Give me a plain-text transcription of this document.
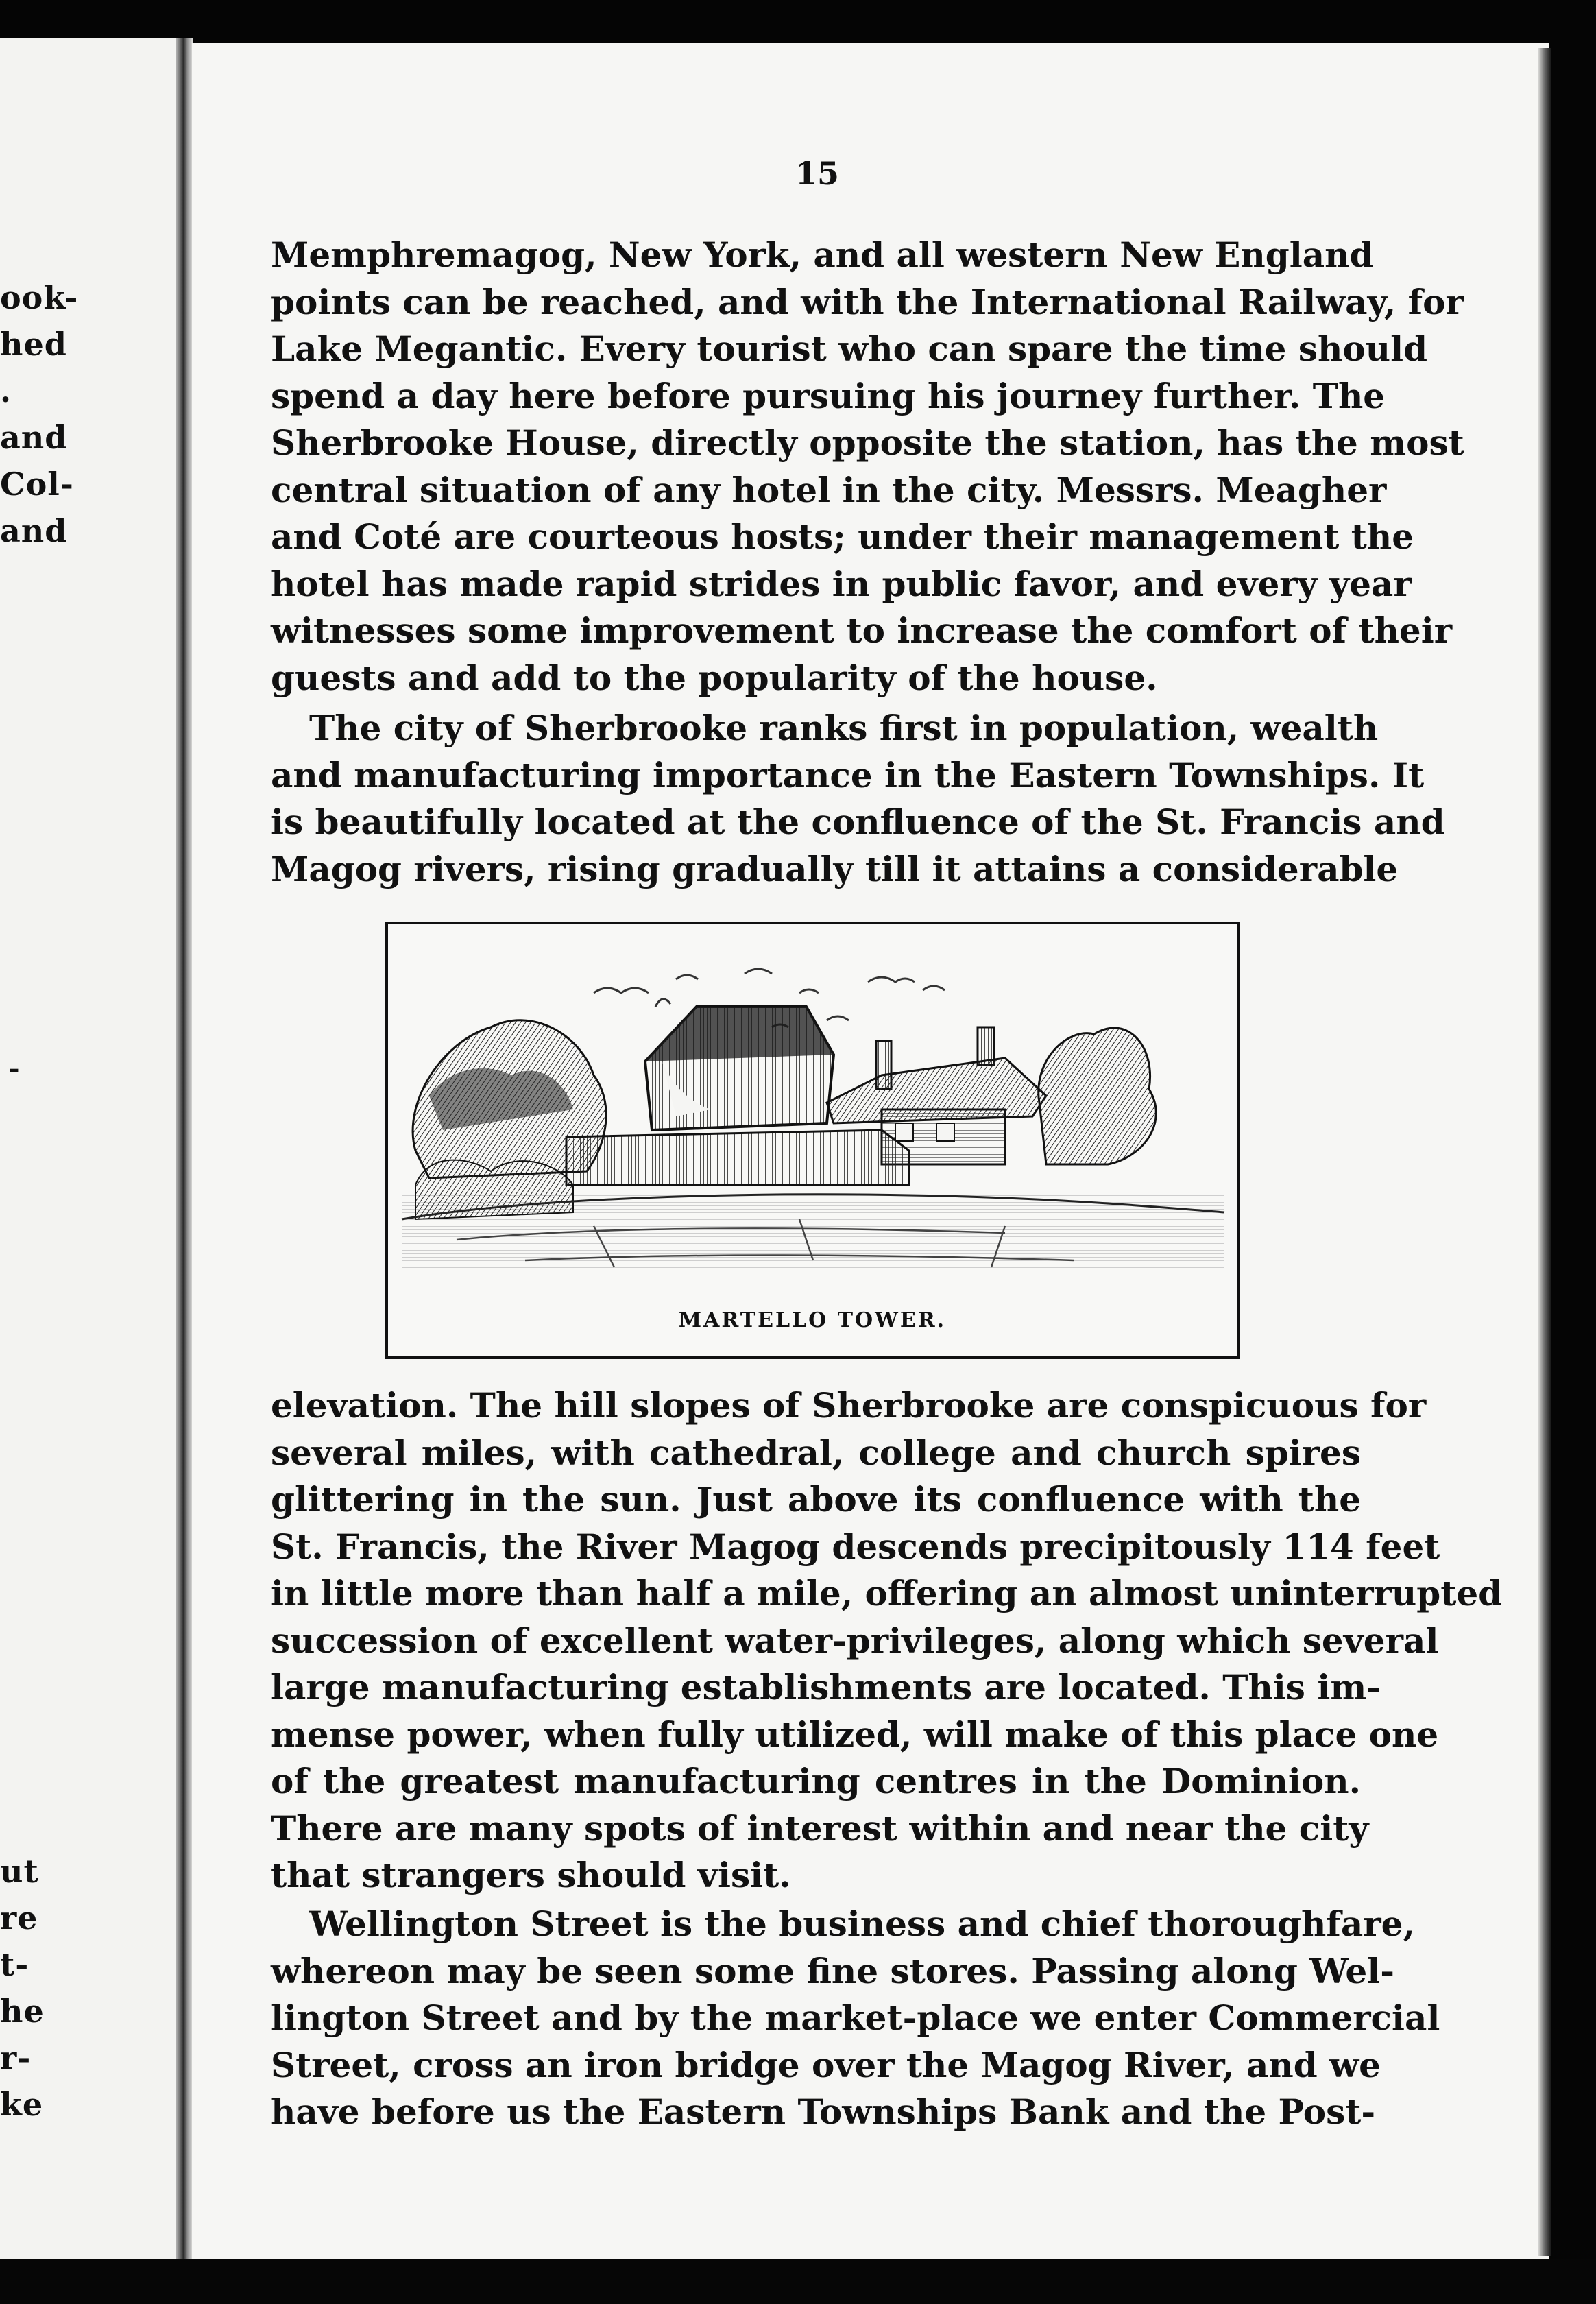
ook-
hed
.
and
Col-
and
-
ut
re
t-
he
r-
ke
15
Memphremagog, New York, and all western New England
points can be reached, and with the International Railway, for
Lake Megantic. Every tourist who can spare the time should
spend a day here before pursuing his journey further. The
Sherbrooke House, directly opposite the station, has the most
central situation of any hotel in the city. Messrs. Meagher
and Coté are courteous hosts; under their management the
hotel has made rapid strides in public favor, and every year
witnesses some improvement to increase the comfort of their
guests and add to the popularity of the house.
The city of Sherbrooke ranks first in population, wealth
and manufacturing importance in the Eastern Townships. It
is beautifully located at the confluence of the St. Francis and
Magog rivers, rising gradually till it attains a considerable
MARTELLO TOWER.
elevation. The hill slopes of Sherbrooke are conspicuous for
several miles, with cathedral, college and church spires
glittering in the sun. Just above its confluence with the
St. Francis, the River Magog descends precipitously 114 feet
in little more than half a mile, offering an almost uninterrupted
succession of excellent water-privileges, along which several
large manufacturing establishments are located. This im-
mense power, when fully utilized, will make of this place one
of the greatest manufacturing centres in the Dominion.
There are many spots of interest within and near the city
that strangers should visit.
Wellington Street is the business and chief thoroughfare,
whereon may be seen some fine stores. Passing along Wel-
lington Street and by the market-place we enter Commercial
Street, cross an iron bridge over the Magog River, and we
have before us the Eastern Townships Bank and the Post-
